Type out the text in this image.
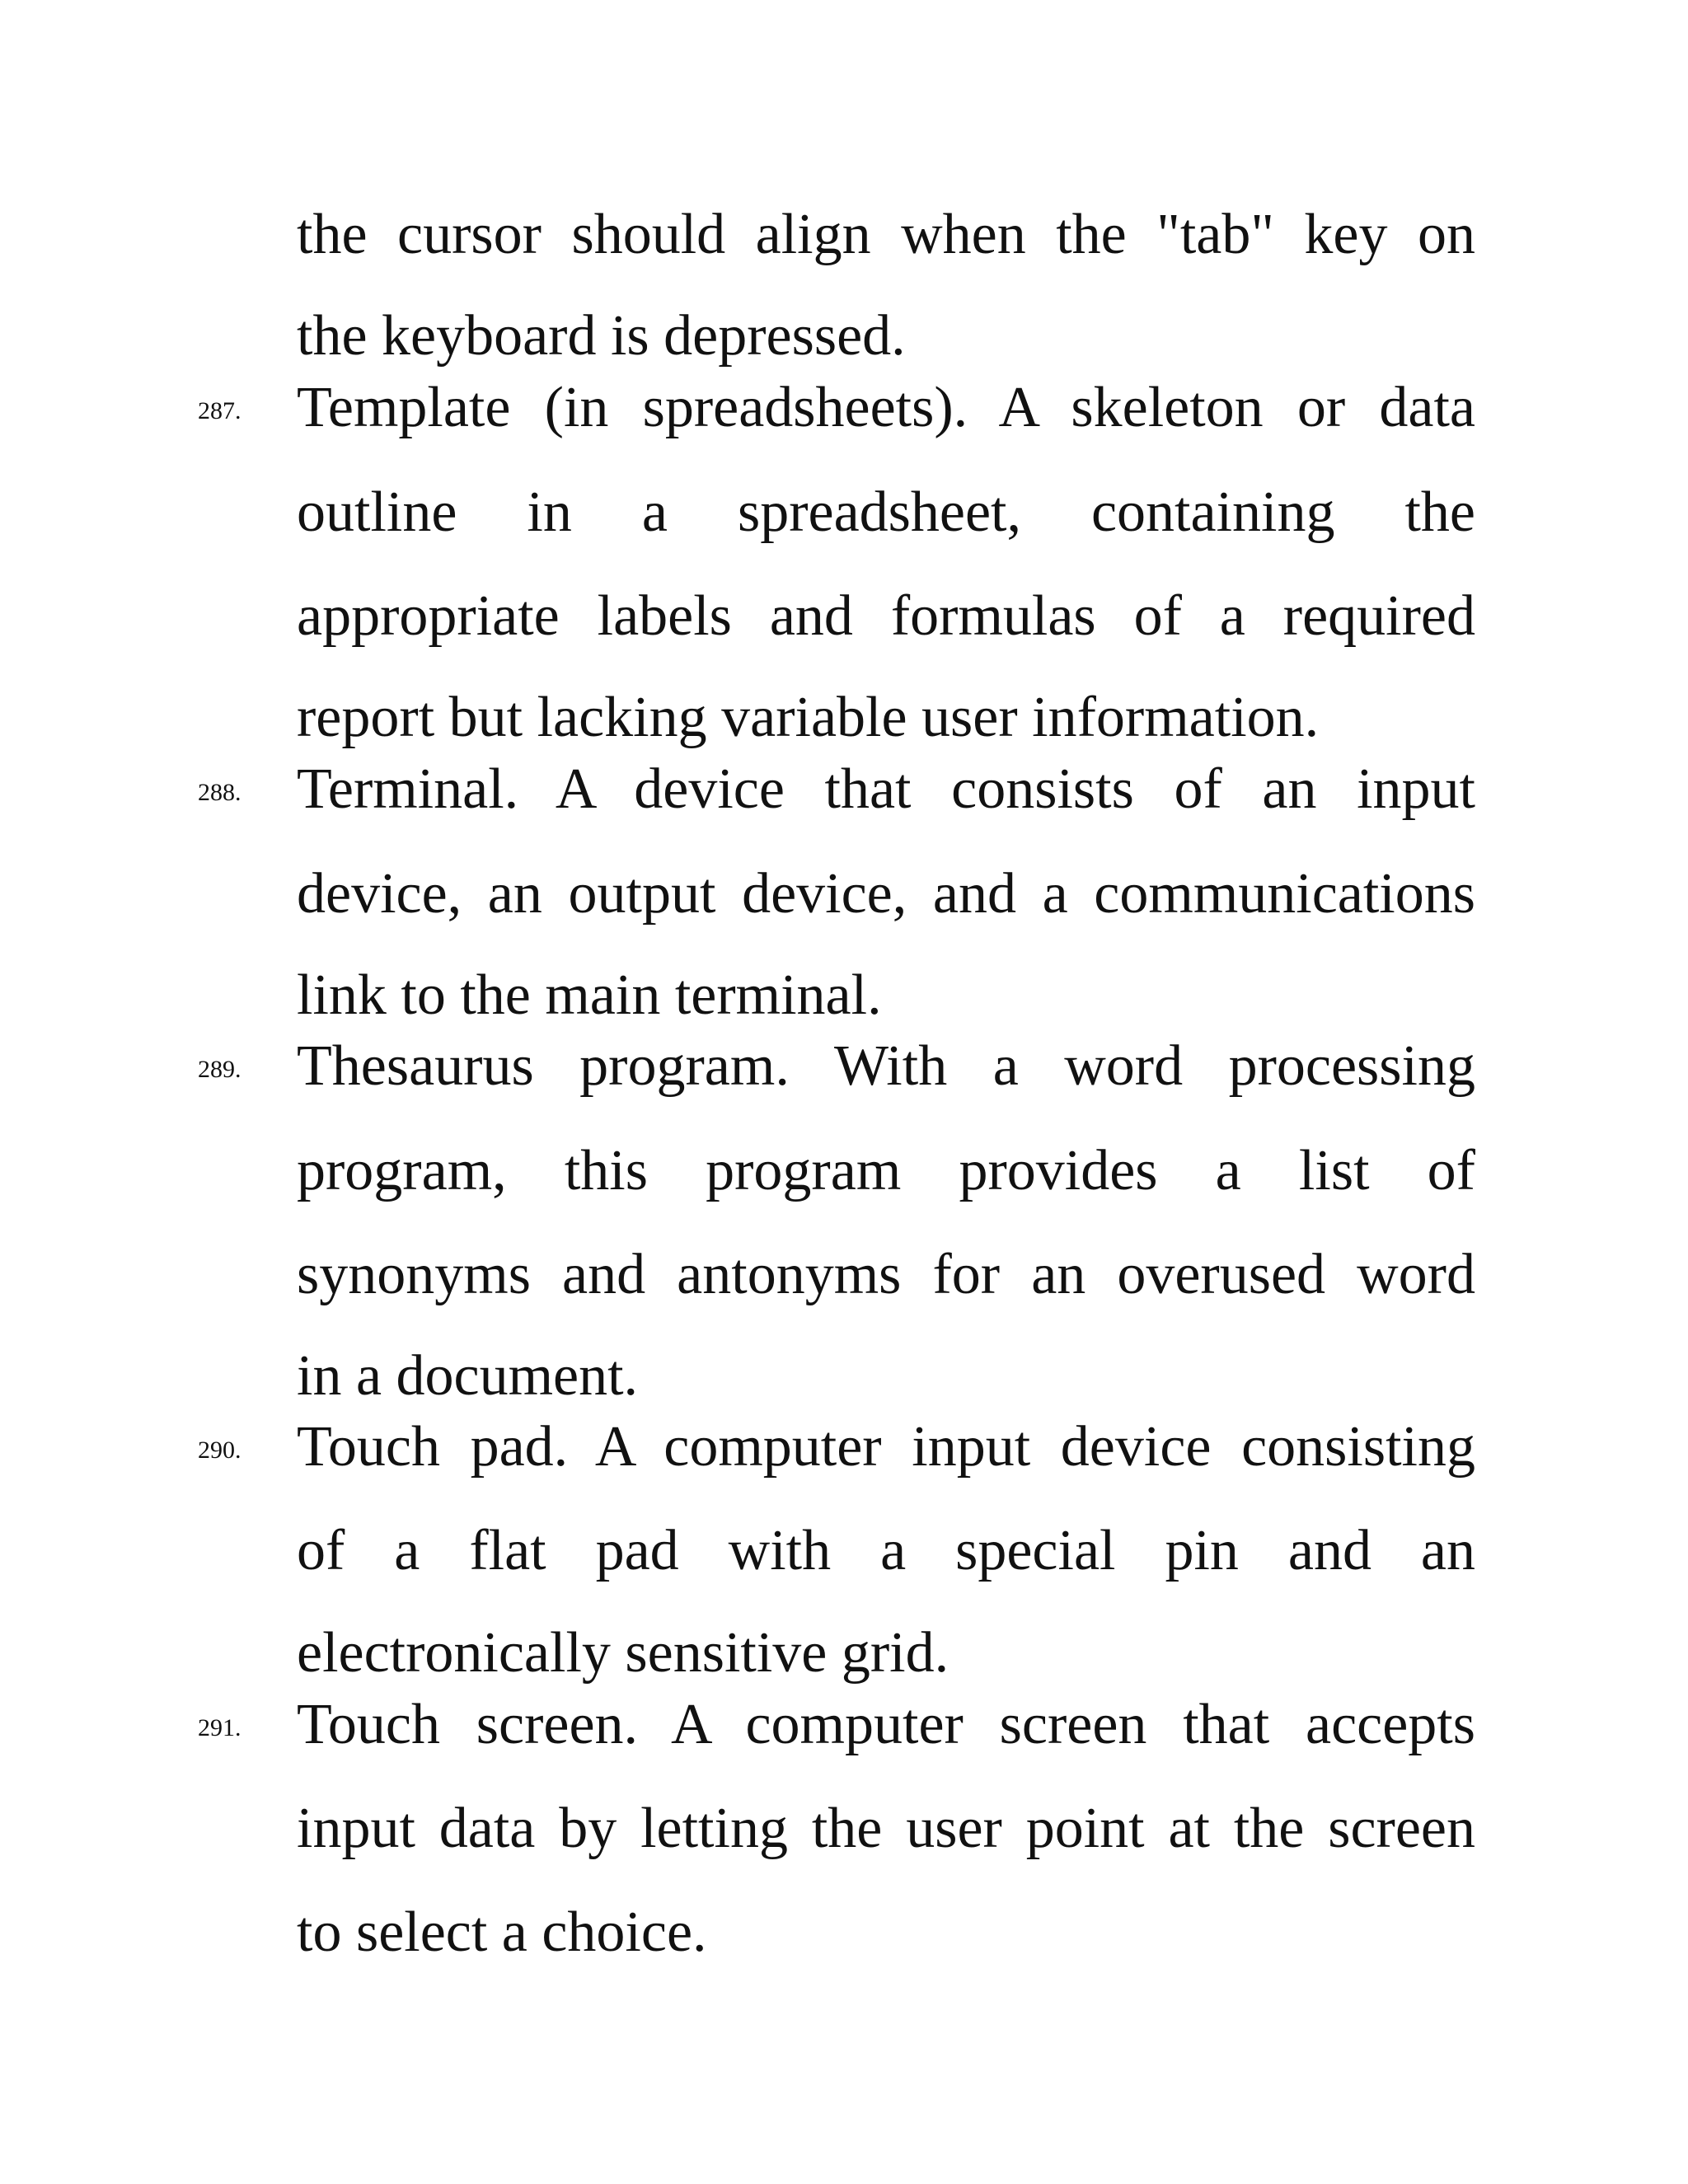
the cursor should align when the "tab" key on
the keyboard is depressed.
287. Template (in spreadsheets). A skeleton or data
outline in a spreadsheet, containing the
appropriate labels and formulas of a required
report but lacking variable user information.
288. Terminal. A device that consists of an input
device, an output device, and a communications
link to the main terminal.
289. Thesaurus program. With a word processing
program, this program provides a list of
synonyms and antonyms for an overused word
in a document.
290. Touch pad. A computer input device consisting
of a flat pad with a special pin and an
electronically sensitive grid.
291. Touch screen. A computer screen that accepts
input data by letting the user point at the screen
to select a choice.
